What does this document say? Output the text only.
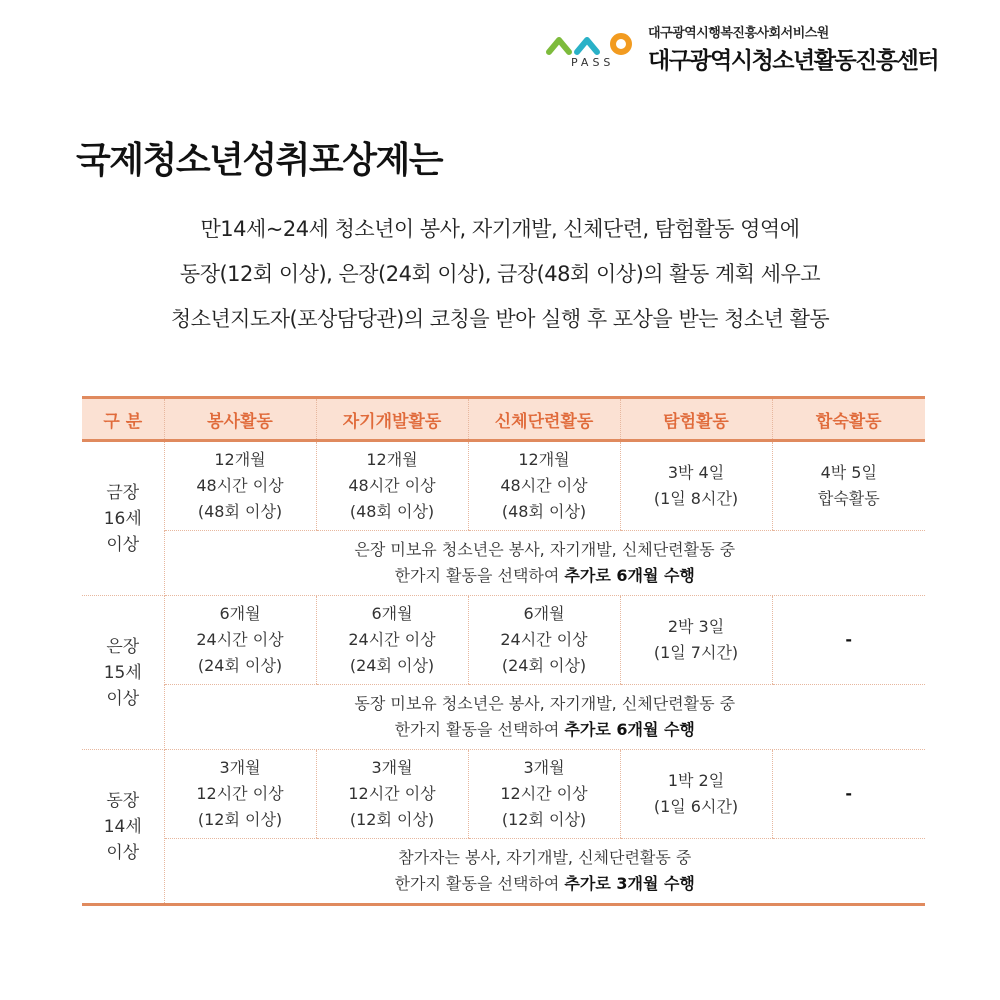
PASS
대구광역시행복진흥사회서비스원
대구광역시청소년활동진흥센터
국제청소년성취포상제는
만14세~24세 청소년이 봉사, 자기개발, 신체단련, 탐험활동 영역에
동장(12회 이상), 은장(24회 이상), 금장(48회 이상)의 활동 계획 세우고
청소년지도자(포상담당관)의 코칭을 받아 실행 후 포상을 받는 청소년 활동
구 분	봉사활동	자기개발활동	신체단련활동	탐험활동	합숙활동

금장
16세
이상	12개월
48시간 이상
(48회 이상)	12개월
48시간 이상
(48회 이상)	12개월
48시간 이상
(48회 이상)	3박 4일
(1일 8시간)	4박 5일
합숙활동

	은장 미보유 청소년은 봉사, 자기개발, 신체단련활동 중
한가지 활동을 선택하여 추가로 6개월 수행				

은장
15세
이상	6개월
24시간 이상
(24회 이상)	6개월
24시간 이상
(24회 이상)	6개월
24시간 이상
(24회 이상)	2박 3일
(1일 7시간)	-

	동장 미보유 청소년은 봉사, 자기개발, 신체단련활동 중
한가지 활동을 선택하여 추가로 6개월 수행				

동장
14세
이상	3개월
12시간 이상
(12회 이상)	3개월
12시간 이상
(12회 이상)	3개월
12시간 이상
(12회 이상)	1박 2일
(1일 6시간)	-

	참가자는 봉사, 자기개발, 신체단련활동 중
한가지 활동을 선택하여 추가로 3개월 수행				
